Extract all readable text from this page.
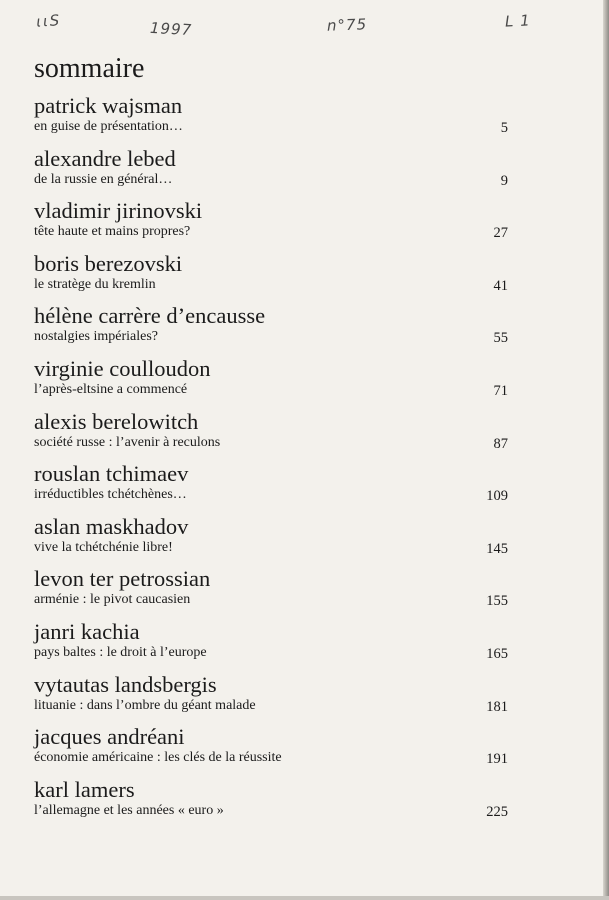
ɩɩS	1997	n°75	L 1
sommaire
patrick wajsman
en guise de présentation…	5
alexandre lebed
de la russie en général…	9
vladimir jirinovski
tête haute et mains propres?	27
boris berezovski
le stratège du kremlin	41
hélène carrère d’encausse
nostalgies impériales?	55
virginie coulloudon
l’après-eltsine a commencé	71
alexis berelowitch
société russe : l’avenir à reculons	87
rouslan tchimaev
irréductibles tchétchènes…	109
aslan maskhadov
vive la tchétchénie libre!	145
levon ter petrossian
arménie : le pivot caucasien	155
janri kachia
pays baltes : le droit à l’europe	165
vytautas landsbergis
lituanie : dans l’ombre du géant malade	181
jacques andréani
économie américaine : les clés de la réussite	191
karl lamers
l’allemagne et les années « euro »	225
